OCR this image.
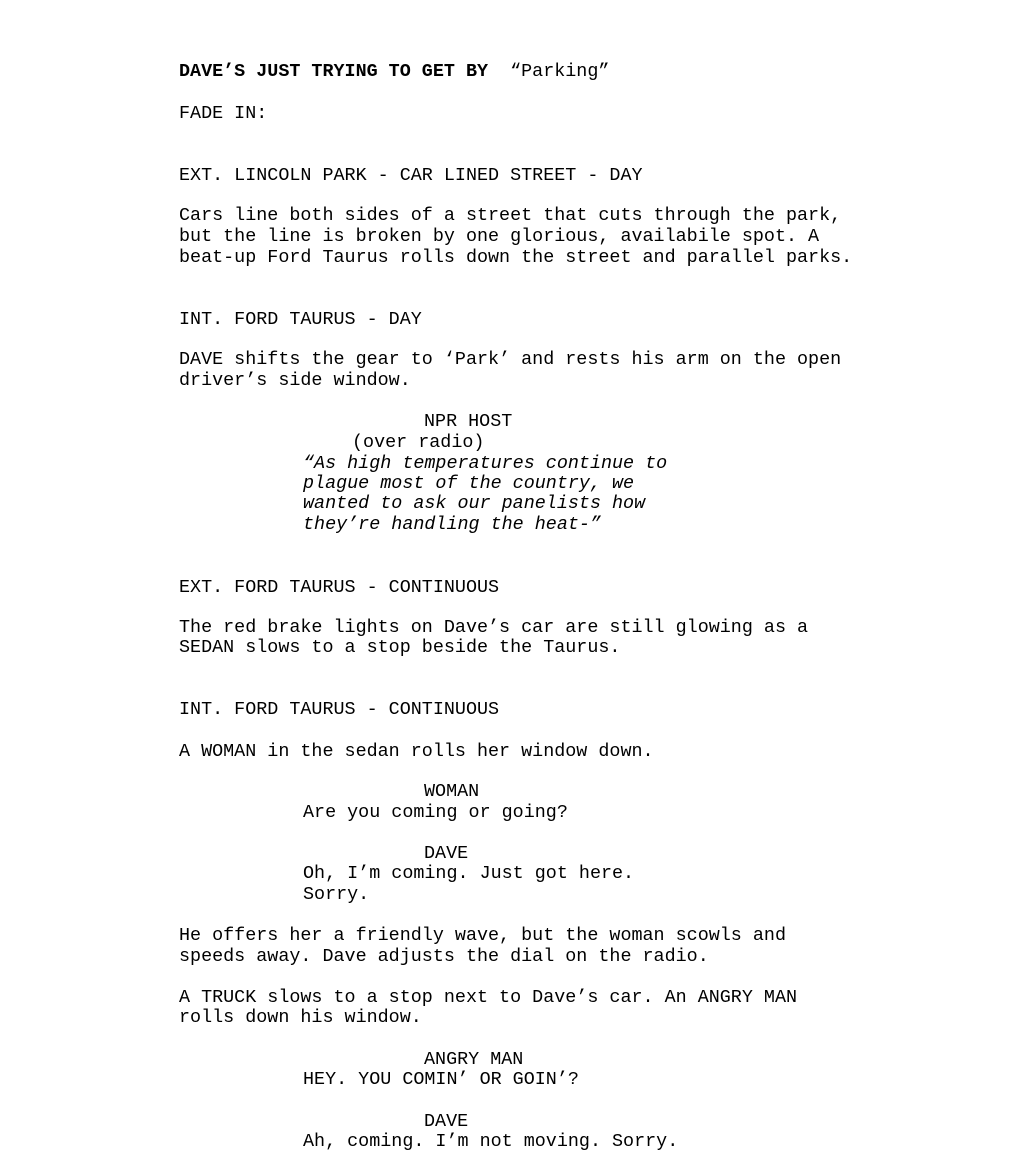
DAVE’S JUST TRYING TO GET BY “Parking”
FADE IN:
EXT. LINCOLN PARK - CAR LINED STREET - DAY
Cars line both sides of a street that cuts through the park,
but the line is broken by one glorious, availabile spot. A
beat-up Ford Taurus rolls down the street and parallel parks.
INT. FORD TAURUS - DAY
DAVE shifts the gear to ‘Park’ and rests his arm on the open
driver’s side window.
NPR HOST
(over radio)
“As high temperatures continue to
plague most of the country, we
wanted to ask our panelists how
they’re handling the heat-”
EXT. FORD TAURUS - CONTINUOUS
The red brake lights on Dave’s car are still glowing as a
SEDAN slows to a stop beside the Taurus.
INT. FORD TAURUS - CONTINUOUS
A WOMAN in the sedan rolls her window down.
WOMAN
Are you coming or going?
DAVE
Oh, I’m coming. Just got here.
Sorry.
He offers her a friendly wave, but the woman scowls and
speeds away. Dave adjusts the dial on the radio.
A TRUCK slows to a stop next to Dave’s car. An ANGRY MAN
rolls down his window.
ANGRY MAN
HEY. YOU COMIN’ OR GOIN’?
DAVE
Ah, coming. I’m not moving. Sorry.
